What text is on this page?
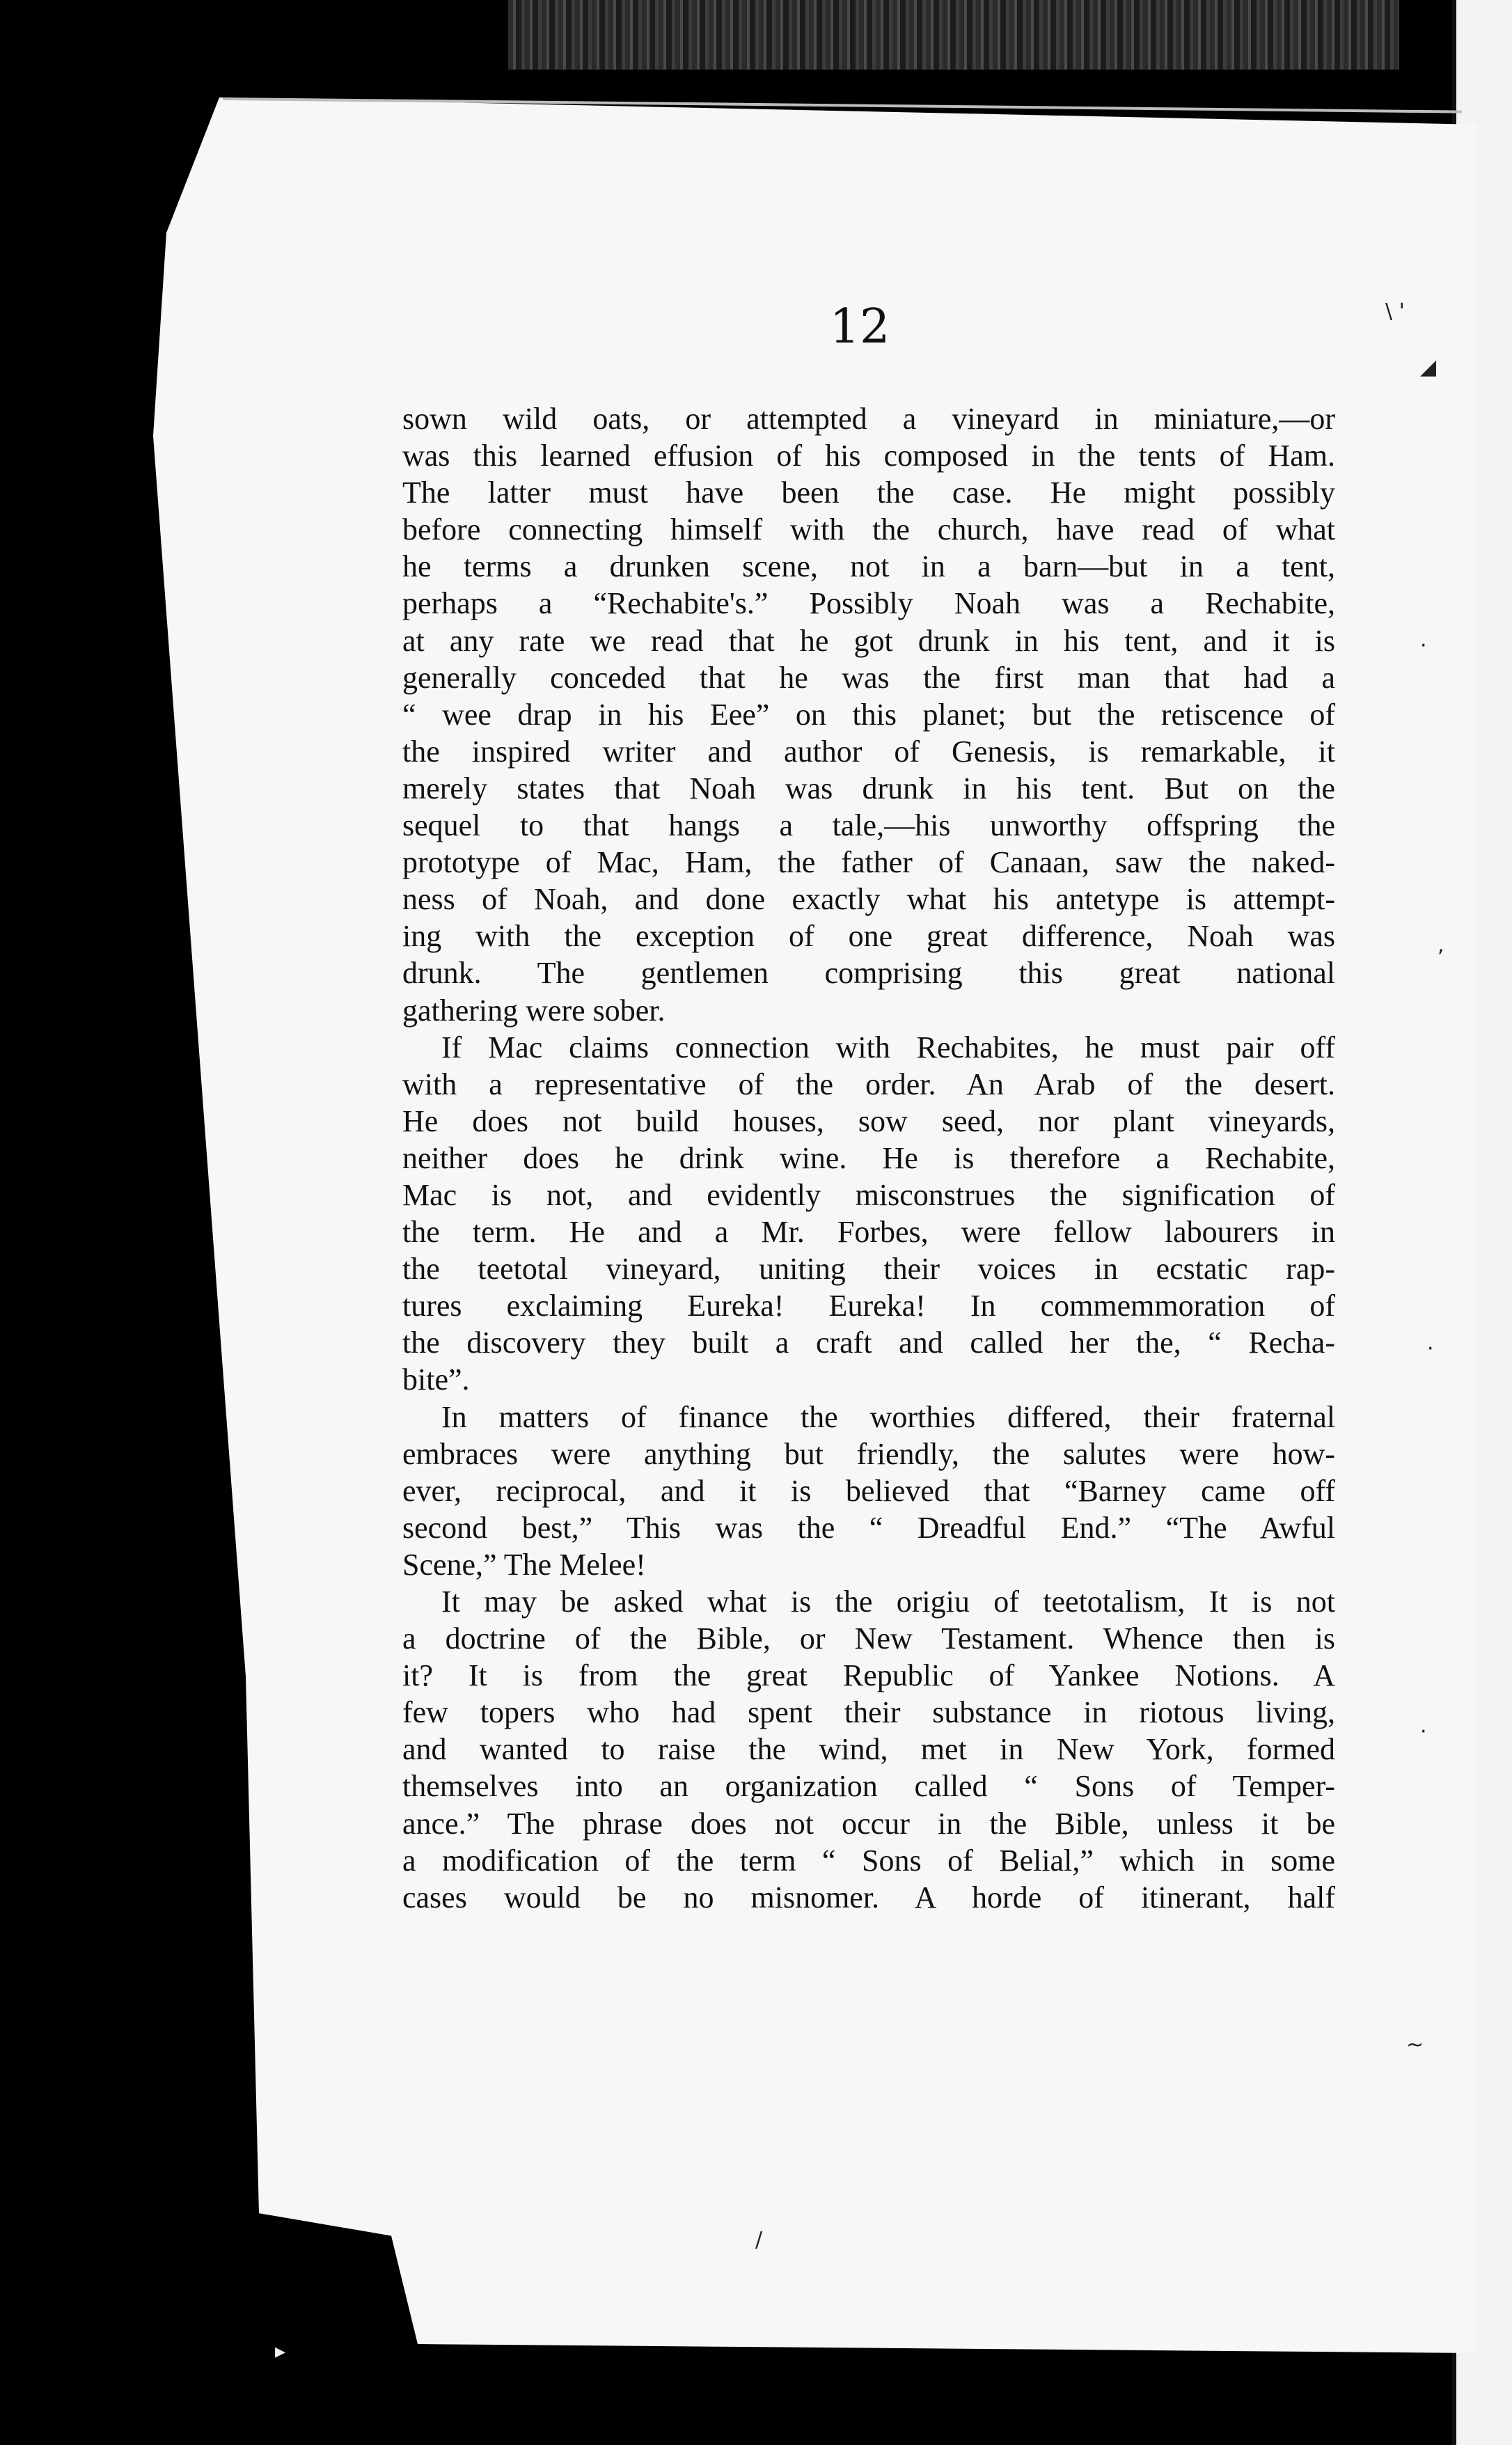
12
sown wild oats, or attempted a vineyard in miniature,—or
was this learned effusion of his composed in the tents of Ham.
The latter must have been the case. He might possibly
before connecting himself with the church, have read of what
he terms a drunken scene, not in a barn—but in a tent,
perhaps a “Rechabite's.” Possibly Noah was a Rechabite,
at any rate we read that he got drunk in his tent, and it is
generally conceded that he was the first man that had a
“ wee drap in his Eee” on this planet; but the retiscence of
the inspired writer and author of Genesis, is remarkable, it
merely states that Noah was drunk in his tent. But on the
sequel to that hangs a tale,—his unworthy offspring the
prototype of Mac, Ham, the father of Canaan, saw the naked-
ness of Noah, and done exactly what his antetype is attempt-
ing with the exception of one great difference, Noah was
drunk. The gentlemen comprising this great national
gathering were sober.
If Mac claims connection with Rechabites, he must pair off
with a representative of the order. An Arab of the desert.
He does not build houses, sow seed, nor plant vineyards,
neither does he drink wine. He is therefore a Rechabite,
Mac is not, and evidently misconstrues the signification of
the term. He and a Mr. Forbes, were fellow labourers in
the teetotal vineyard, uniting their voices in ecstatic rap-
tures exclaiming Eureka! Eureka! In commemmoration of
the discovery they built a craft and called her the, “ Recha-
bite”.
In matters of finance the worthies differed, their fraternal
embraces were anything but friendly, the salutes were how-
ever, reciprocal, and it is believed that “Barney came off
second best,” This was the “ Dreadful End.” “The Awful
Scene,” The Melee!
It may be asked what is the origiu of teetotalism, It is not
a doctrine of the Bible, or New Testament. Whence then is
it? It is from the great Republic of Yankee Notions. A
few topers who had spent their substance in riotous living,
and wanted to raise the wind, met in New York, formed
themselves into an organization called “ Sons of Temper-
ance.” The phrase does not occur in the Bible, unless it be
a modification of the term “ Sons of Belial,” which in some
cases would be no misnomer. A horde of itinerant, half
\ '
◢
·
,
·
·
~
/
▸
